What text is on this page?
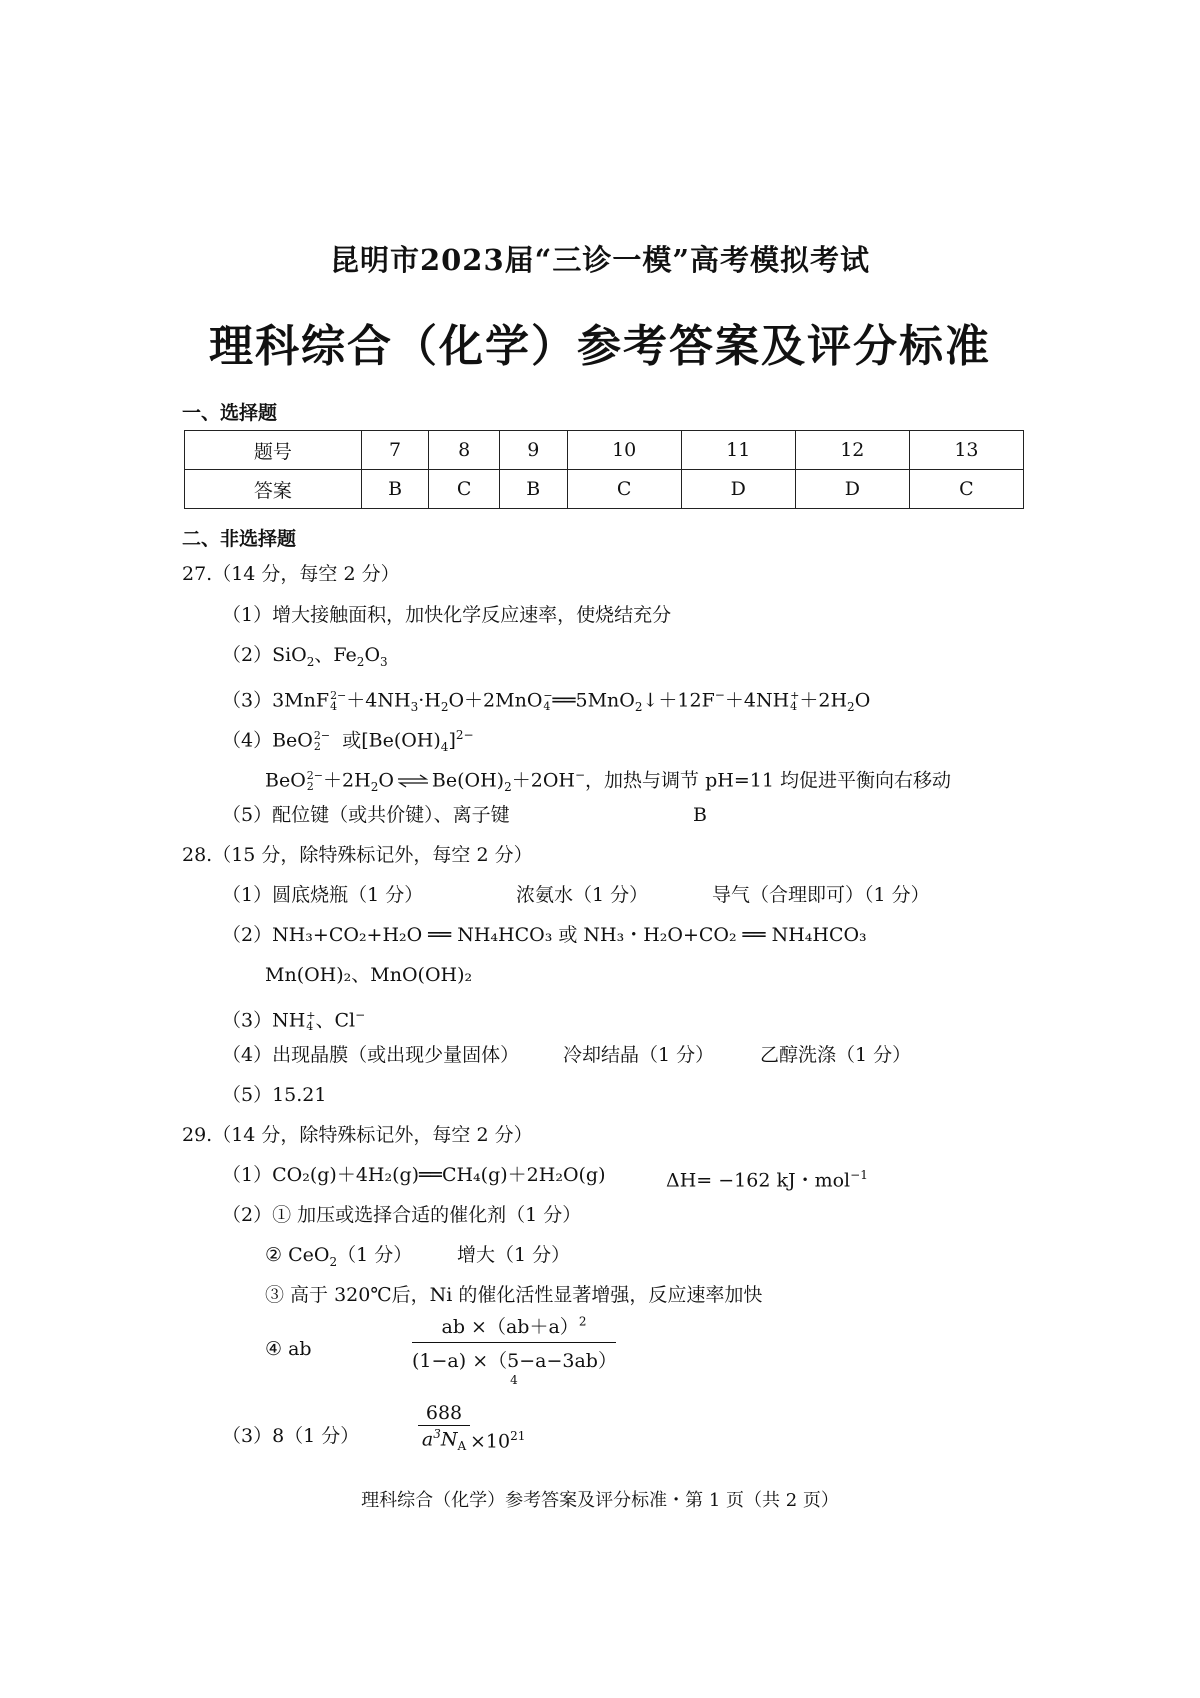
昆明市2023届“三诊一模”高考模拟考试
理科综合（化学）参考答案及评分标准
一、选择题
题号	7	8	9	10	11	12	13
答案	B	C	B	C	D	D	C
二、非选择题
27.（14 分，每空 2 分）
（1）增大接触面积，加快化学反应速率，使烧结充分
（2）SiO$_2$、$Fe_2O_3$
（3）3MnF 2−
$4 +4NH_3\cdot H_2O+2MnO$ −
4 ══5MnO$_2$↓＋12F−＋4NH +
$4 +2H_2O$
（4）BeO 2−
2	或$[Be(OH)_4]^{2-}$
BeO 2−
$2 +2H_2O$ ⇌ $Be(OH)_2+2OH^-$，加热与调节 pH=11 均促进平衡向右移动
（5）配位键（或共价键）、离子键	B
28.（15 分，除特殊标记外，每空 2 分）
（1）圆底烧瓶（1 分）	浓氨水（1 分）	导气（合理即可）（1 分）
（2）NH₃+CO₂+H₂O ══ NH₄HCO₃ 或 NH₃・H₂O+CO₂ ══ NH₄HCO₃
Mn(OH)₂、MnO(OH)₂
（3）NH +
4 、Cl−
（4）出现晶膜（或出现少量固体） 冷却结晶（1 分） 乙醇洗涤（1 分）
（5）15.21
29.（14 分，除特殊标记外，每空 2 分）
（1）CO₂(g)＋4H₂(g)══CH₄(g)＋2H₂O(g)	ΔH= −162 kJ・mol$^{-1}$
（2）① 加压或选择合适的催化剂（1 分）
② CeO$_2$（1 分） 增大（1 分）
③ 高于 320℃后，Ni 的催化活性显著增强，反应速率加快
④ ab
ab $\times(ab+a)^2$
$(1-a) \times(5-a-3ab)^4$
（3）8（1 分）
688
$a^3N_A \times 10^{21}$
理科综合（化学）参考答案及评分标准・第 1 页（共 2 页）
